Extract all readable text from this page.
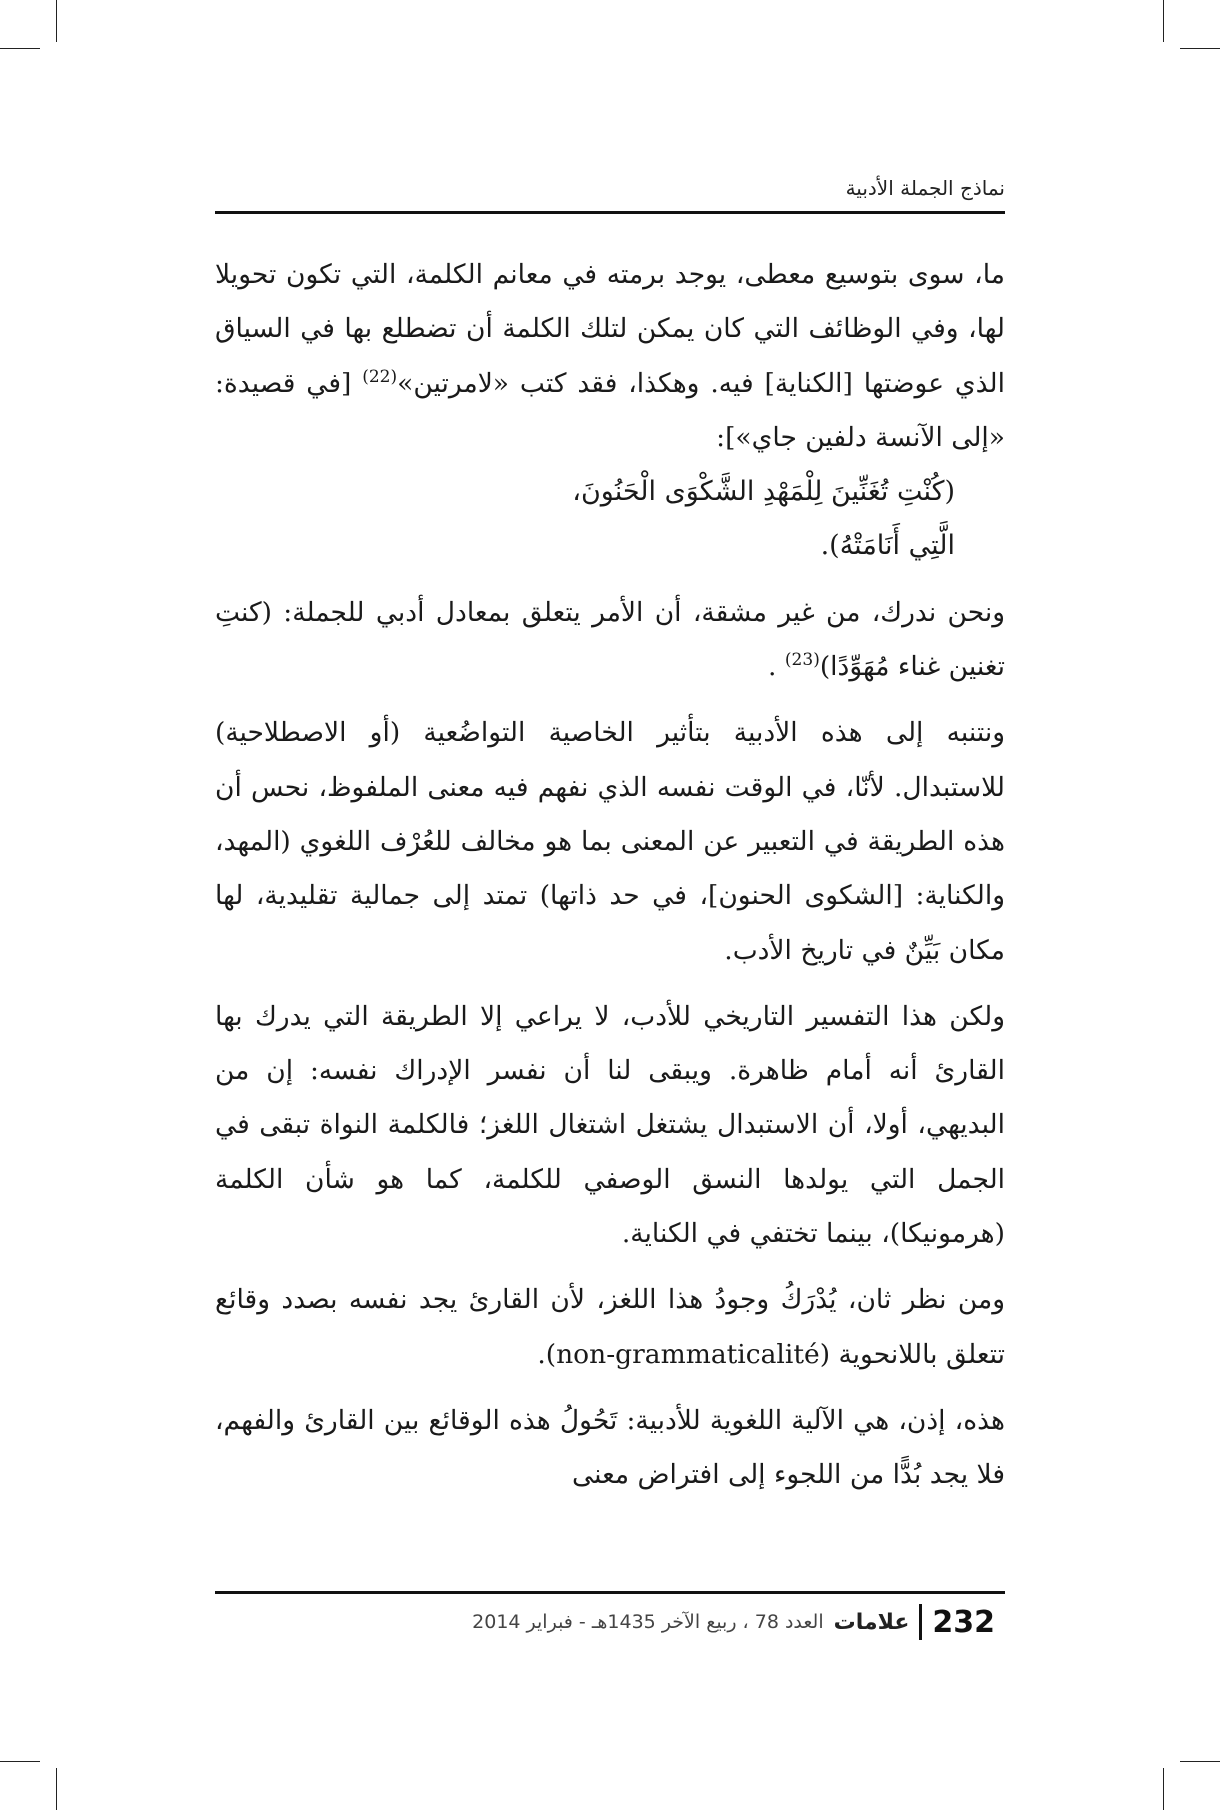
نماذج الجملة الأدبية

ما، سوى بتوسيع معطى، يوجد برمته في معانم الكلمة، التي تكون تحويلا لها، وفي الوظائف التي كان يمكن لتلك الكلمة أن تضطلع بها في السياق الذي عوضتها [الكناية] فيه. وهكذا، فقد كتب «لامرتين»$^{(22)}$ [في قصيدة: «إلى الآنسة دلفين جاي»]:

(كُنْتِ تُغَنِّينَ لِلْمَهْدِ الشَّكْوَى الْحَنُونَ،
الَّتِي أَنَامَتْهُ).

ونحن ندرك، من غير مشقة، أن الأمر يتعلق بمعادل أدبي للجملة: (كنتِ تغنين غناء مُهَوِّدًا)$^{(23)}$ .

ونتنبه إلى هذه الأدبية بتأثير الخاصية التواضُعية (أو الاصطلاحية) للاستبدال. لأنّا، في الوقت نفسه الذي نفهم فيه معنى الملفوظ، نحس أن هذه الطريقة في التعبير عن المعنى بما هو مخالف للعُرْف اللغوي (المهد، والكناية: [الشكوى الحنون]، في حد ذاتها) تمتد إلى جمالية تقليدية، لها مكان بَيِّنٌ في تاريخ الأدب.

ولكن هذا التفسير التاريخي للأدب، لا يراعي إلا الطريقة التي يدرك بها القارئ أنه أمام ظاهرة. ويبقى لنا أن نفسر الإدراك نفسه: إن من البديهي، أولا، أن الاستبدال يشتغل اشتغال اللغز؛ فالكلمة النواة تبقى في الجمل التي يولدها النسق الوصفي للكلمة، كما هو شأن الكلمة (هرمونيكا)، بينما تختفي في الكناية.

ومن نظر ثان، يُدْرَكُ وجودُ هذا اللغز، لأن القارئ يجد نفسه بصدد وقائع تتعلق باللانحوية (non-grammaticalité).

هذه، إذن، هي الآلية اللغوية للأدبية: تَحُولُ هذه الوقائع بين القارئ والفهم، فلا يجد بُدًّا من اللجوء إلى افتراض معنى

232
علامات
العدد 78 ، ربيع الآخر 1435هـ - فبراير 2014
